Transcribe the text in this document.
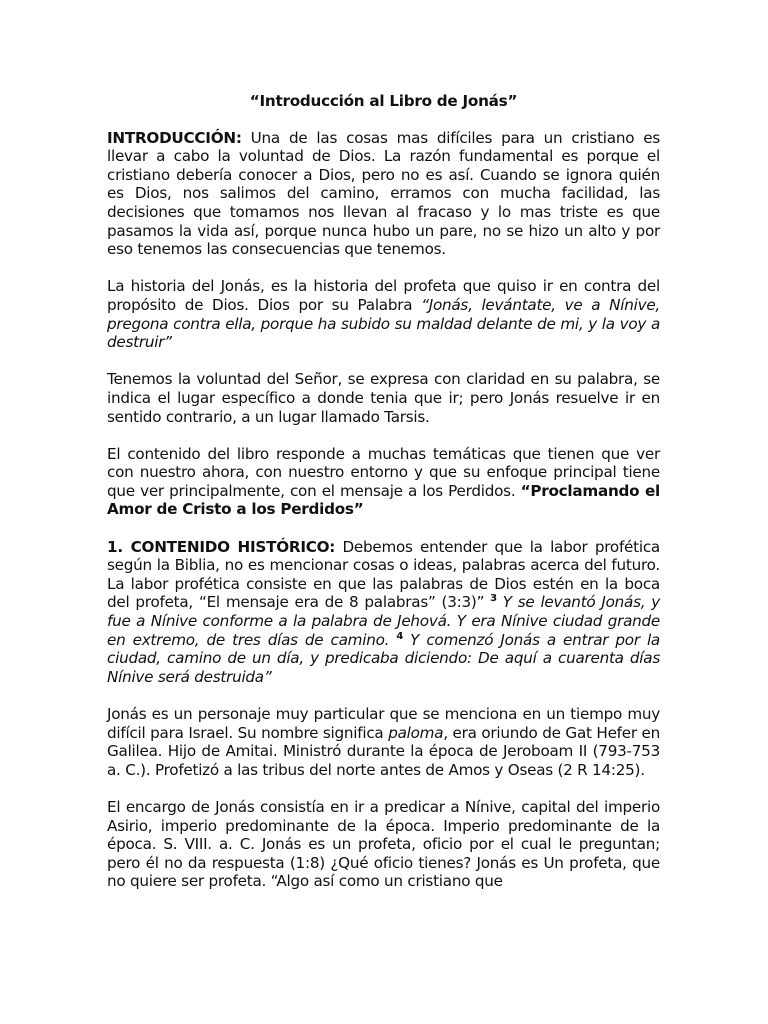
“Introducción al Libro de Jonás”

INTRODUCCIÓN: Una de las cosas mas difíciles para un cristiano es llevar a cabo la voluntad de Dios. La razón fundamental es porque el cristiano debería conocer a Dios, pero no es así. Cuando se ignora quién es Dios, nos salimos del camino, erramos con mucha facilidad, las decisiones que tomamos nos llevan al fracaso y lo mas triste es que pasamos la vida así, porque nunca hubo un pare, no se hizo un alto y por eso tenemos las consecuencias que tenemos.

La historia del Jonás, es la historia del profeta que quiso ir en contra del propósito de Dios. Dios por su Palabra “Jonás, levántate, ve a Nínive, pregona contra ella, porque ha subido su maldad delante de mi, y la voy a destruir”

Tenemos la voluntad del Señor, se expresa con claridad en su palabra, se indica el lugar específico a donde tenia que ir; pero Jonás resuelve ir en sentido contrario, a un lugar llamado Tarsis.

El contenido del libro responde a muchas temáticas que tienen que ver con nuestro ahora, con nuestro entorno y que su enfoque principal tiene que ver principalmente, con el mensaje a los Perdidos. “Proclamando el Amor de Cristo a los Perdidos”

1. CONTENIDO HISTÓRICO: Debemos entender que la labor profética según la Biblia, no es mencionar cosas o ideas, palabras acerca del futuro. La labor profética consiste en que las palabras de Dios estén en la boca del profeta, “El mensaje era de 8 palabras” (3:3)” $^3$ Y se levantó Jonás, y fue a Nínive conforme a la palabra de Jehová. Y era Nínive ciudad grande en extremo, de tres días de camino. $^4$ Y comenzó Jonás a entrar por la ciudad, camino de un día, y predicaba diciendo: De aquí a cuarenta días Nínive será destruida”

Jonás es un personaje muy particular que se menciona en un tiempo muy difícil para Israel. Su nombre significa paloma, era oriundo de Gat Hefer en Galilea. Hijo de Amitai. Ministró durante la época de Jeroboam II (793-753 a. C.). Profetizó a las tribus del norte antes de Amos y Oseas (2 R 14:25).

El encargo de Jonás consistía en ir a predicar a Nínive, capital del imperio Asirio, imperio predominante de la época. Imperio predominante de la época. S. VIII. a. C. Jonás es un profeta, oficio por el cual le preguntan; pero él no da respuesta (1:8) ¿Qué oficio tienes? Jonás es Un profeta, que no quiere ser profeta. “Algo así como un cristiano que
